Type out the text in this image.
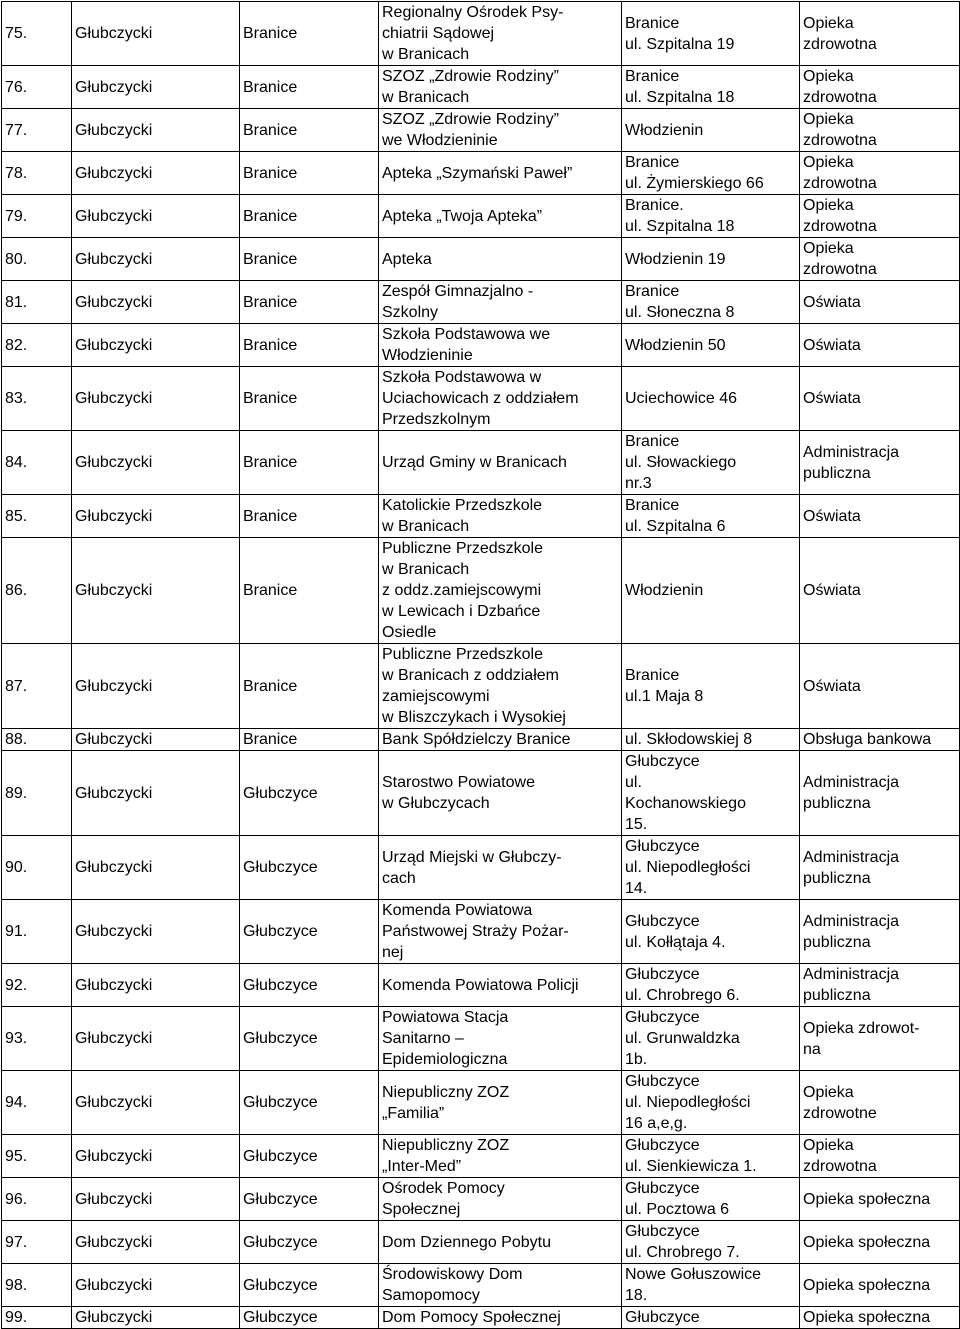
75.	Głubczycki	Branice	Regionalny Ośrodek Psy-
chiatrii Sądowej
w Branicach	Branice
ul. Szpitalna 19	Opieka
zdrowotna

76.	Głubczycki	Branice	SZOZ „Zdrowie Rodziny”
w Branicach	Branice
ul. Szpitalna 18	Opieka
zdrowotna

77.	Głubczycki	Branice	SZOZ „Zdrowie Rodziny”
we Włodzieninie	Włodzienin	Opieka
zdrowotna

78.	Głubczycki	Branice	Apteka „Szymański Paweł”	Branice
ul. Żymierskiego 66	Opieka
zdrowotna

79.	Głubczycki	Branice	Apteka „Twoja Apteka”	Branice.
ul. Szpitalna 18	Opieka
zdrowotna

80.	Głubczycki	Branice	Apteka	Włodzienin 19	Opieka
zdrowotna

81.	Głubczycki	Branice	Zespół Gimnazjalno -
Szkolny	Branice
ul. Słoneczna 8	Oświata

82.	Głubczycki	Branice	Szkoła Podstawowa we
Włodzieninie	Włodzienin 50	Oświata

83.	Głubczycki	Branice	Szkoła Podstawowa w
Uciachowicach z oddziałem
Przedszkolnym	Uciechowice 46	Oświata

84.	Głubczycki	Branice	Urząd Gminy w Branicach	Branice
ul. Słowackiego
nr.3	Administracja
publiczna

85.	Głubczycki	Branice	Katolickie Przedszkole
w Branicach	Branice
ul. Szpitalna 6	Oświata

86.	Głubczycki	Branice	Publiczne Przedszkole
w Branicach
z oddz.zamiejscowymi
w Lewicach i Dzbańce
Osiedle	Włodzienin	Oświata

87.	Głubczycki	Branice	Publiczne Przedszkole
w Branicach z oddziałem
zamiejscowymi
w Bliszczykach i Wysokiej	Branice
ul.1 Maja 8	Oświata

88.	Głubczycki	Branice	Bank Spółdzielczy Branice	ul. Skłodowskiej 8	Obsługa bankowa

89.	Głubczycki	Głubczyce	Starostwo Powiatowe
w Głubczycach	Głubczyce
ul.
Kochanowskiego
15.	Administracja
publiczna

90.	Głubczycki	Głubczyce	Urząd Miejski w Głubczy-
cach	Głubczyce
ul. Niepodległości
14.	Administracja
publiczna

91.	Głubczycki	Głubczyce	Komenda Powiatowa
Państwowej Straży Pożar-
nej	Głubczyce
ul. Kołłątaja 4.	Administracja
publiczna

92.	Głubczycki	Głubczyce	Komenda Powiatowa Policji	Głubczyce
ul. Chrobrego 6.	Administracja
publiczna

93.	Głubczycki	Głubczyce	Powiatowa Stacja
Sanitarno –
Epidemiologiczna	Głubczyce
ul. Grunwaldzka
1b.	Opieka zdrowot-
na

94.	Głubczycki	Głubczyce	Niepubliczny ZOZ
„Familia”	Głubczyce
ul. Niepodległości
16 a,e,g.	Opieka
zdrowotne

95.	Głubczycki	Głubczyce	Niepubliczny ZOZ
„Inter-Med”	Głubczyce
ul. Sienkiewicza 1.	Opieka
zdrowotna

96.	Głubczycki	Głubczyce	Ośrodek Pomocy
Społecznej	Głubczyce
ul. Pocztowa 6	Opieka społeczna

97.	Głubczycki	Głubczyce	Dom Dziennego Pobytu	Głubczyce
ul. Chrobrego 7.	Opieka społeczna

98.	Głubczycki	Głubczyce	Środowiskowy Dom
Samopomocy	Nowe Gołuszowice
18.	Opieka społeczna

99.	Głubczycki	Głubczyce	Dom Pomocy Społecznej	Głubczyce	Opieka społeczna
